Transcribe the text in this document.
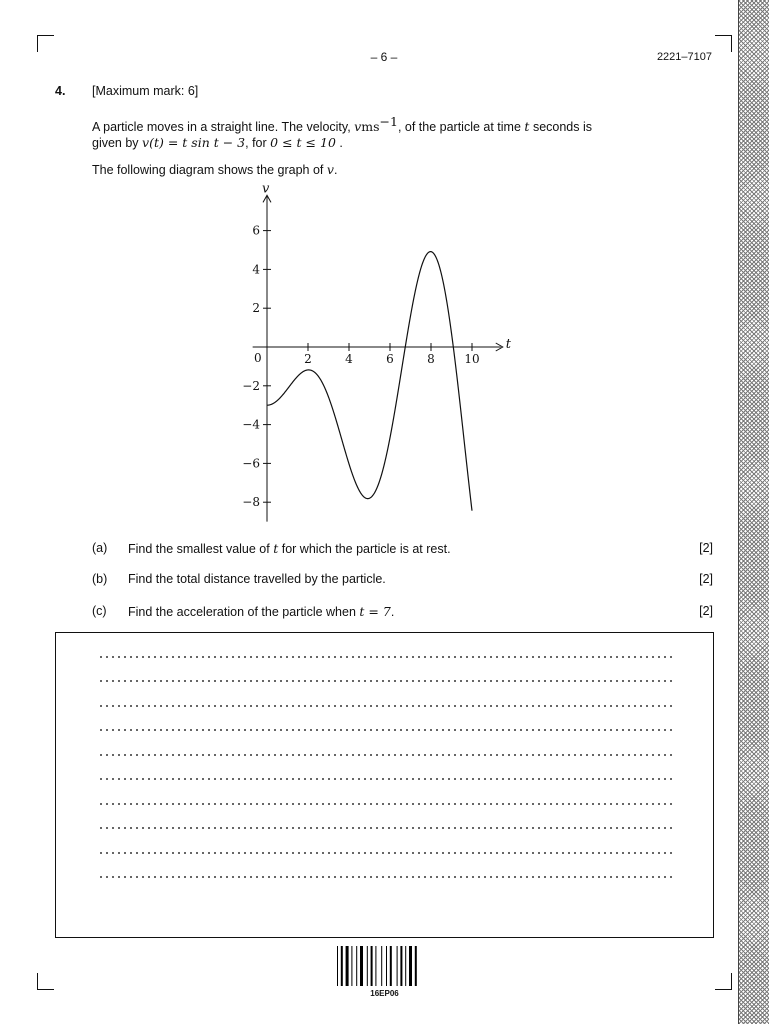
– 6 –	2221–7107
4. [Maximum mark: 6]
A particle moves in a straight line. The velocity, vms$^{-1}$, of the particle at time t seconds is
given by v(t) = t sin t − 3, for 0 ≤ t ≤ 10 .
The following diagram shows the graph of v.
v
t
0	2	4	6	8 10
6
4
2
−2
−4
−6
−8
(a) Find the smallest value of t for which the particle is at rest.	[2]
(b) Find the total distance travelled by the particle.	[2]
(c) Find the acceleration of the particle when t = 7.	[2]
16EP06
